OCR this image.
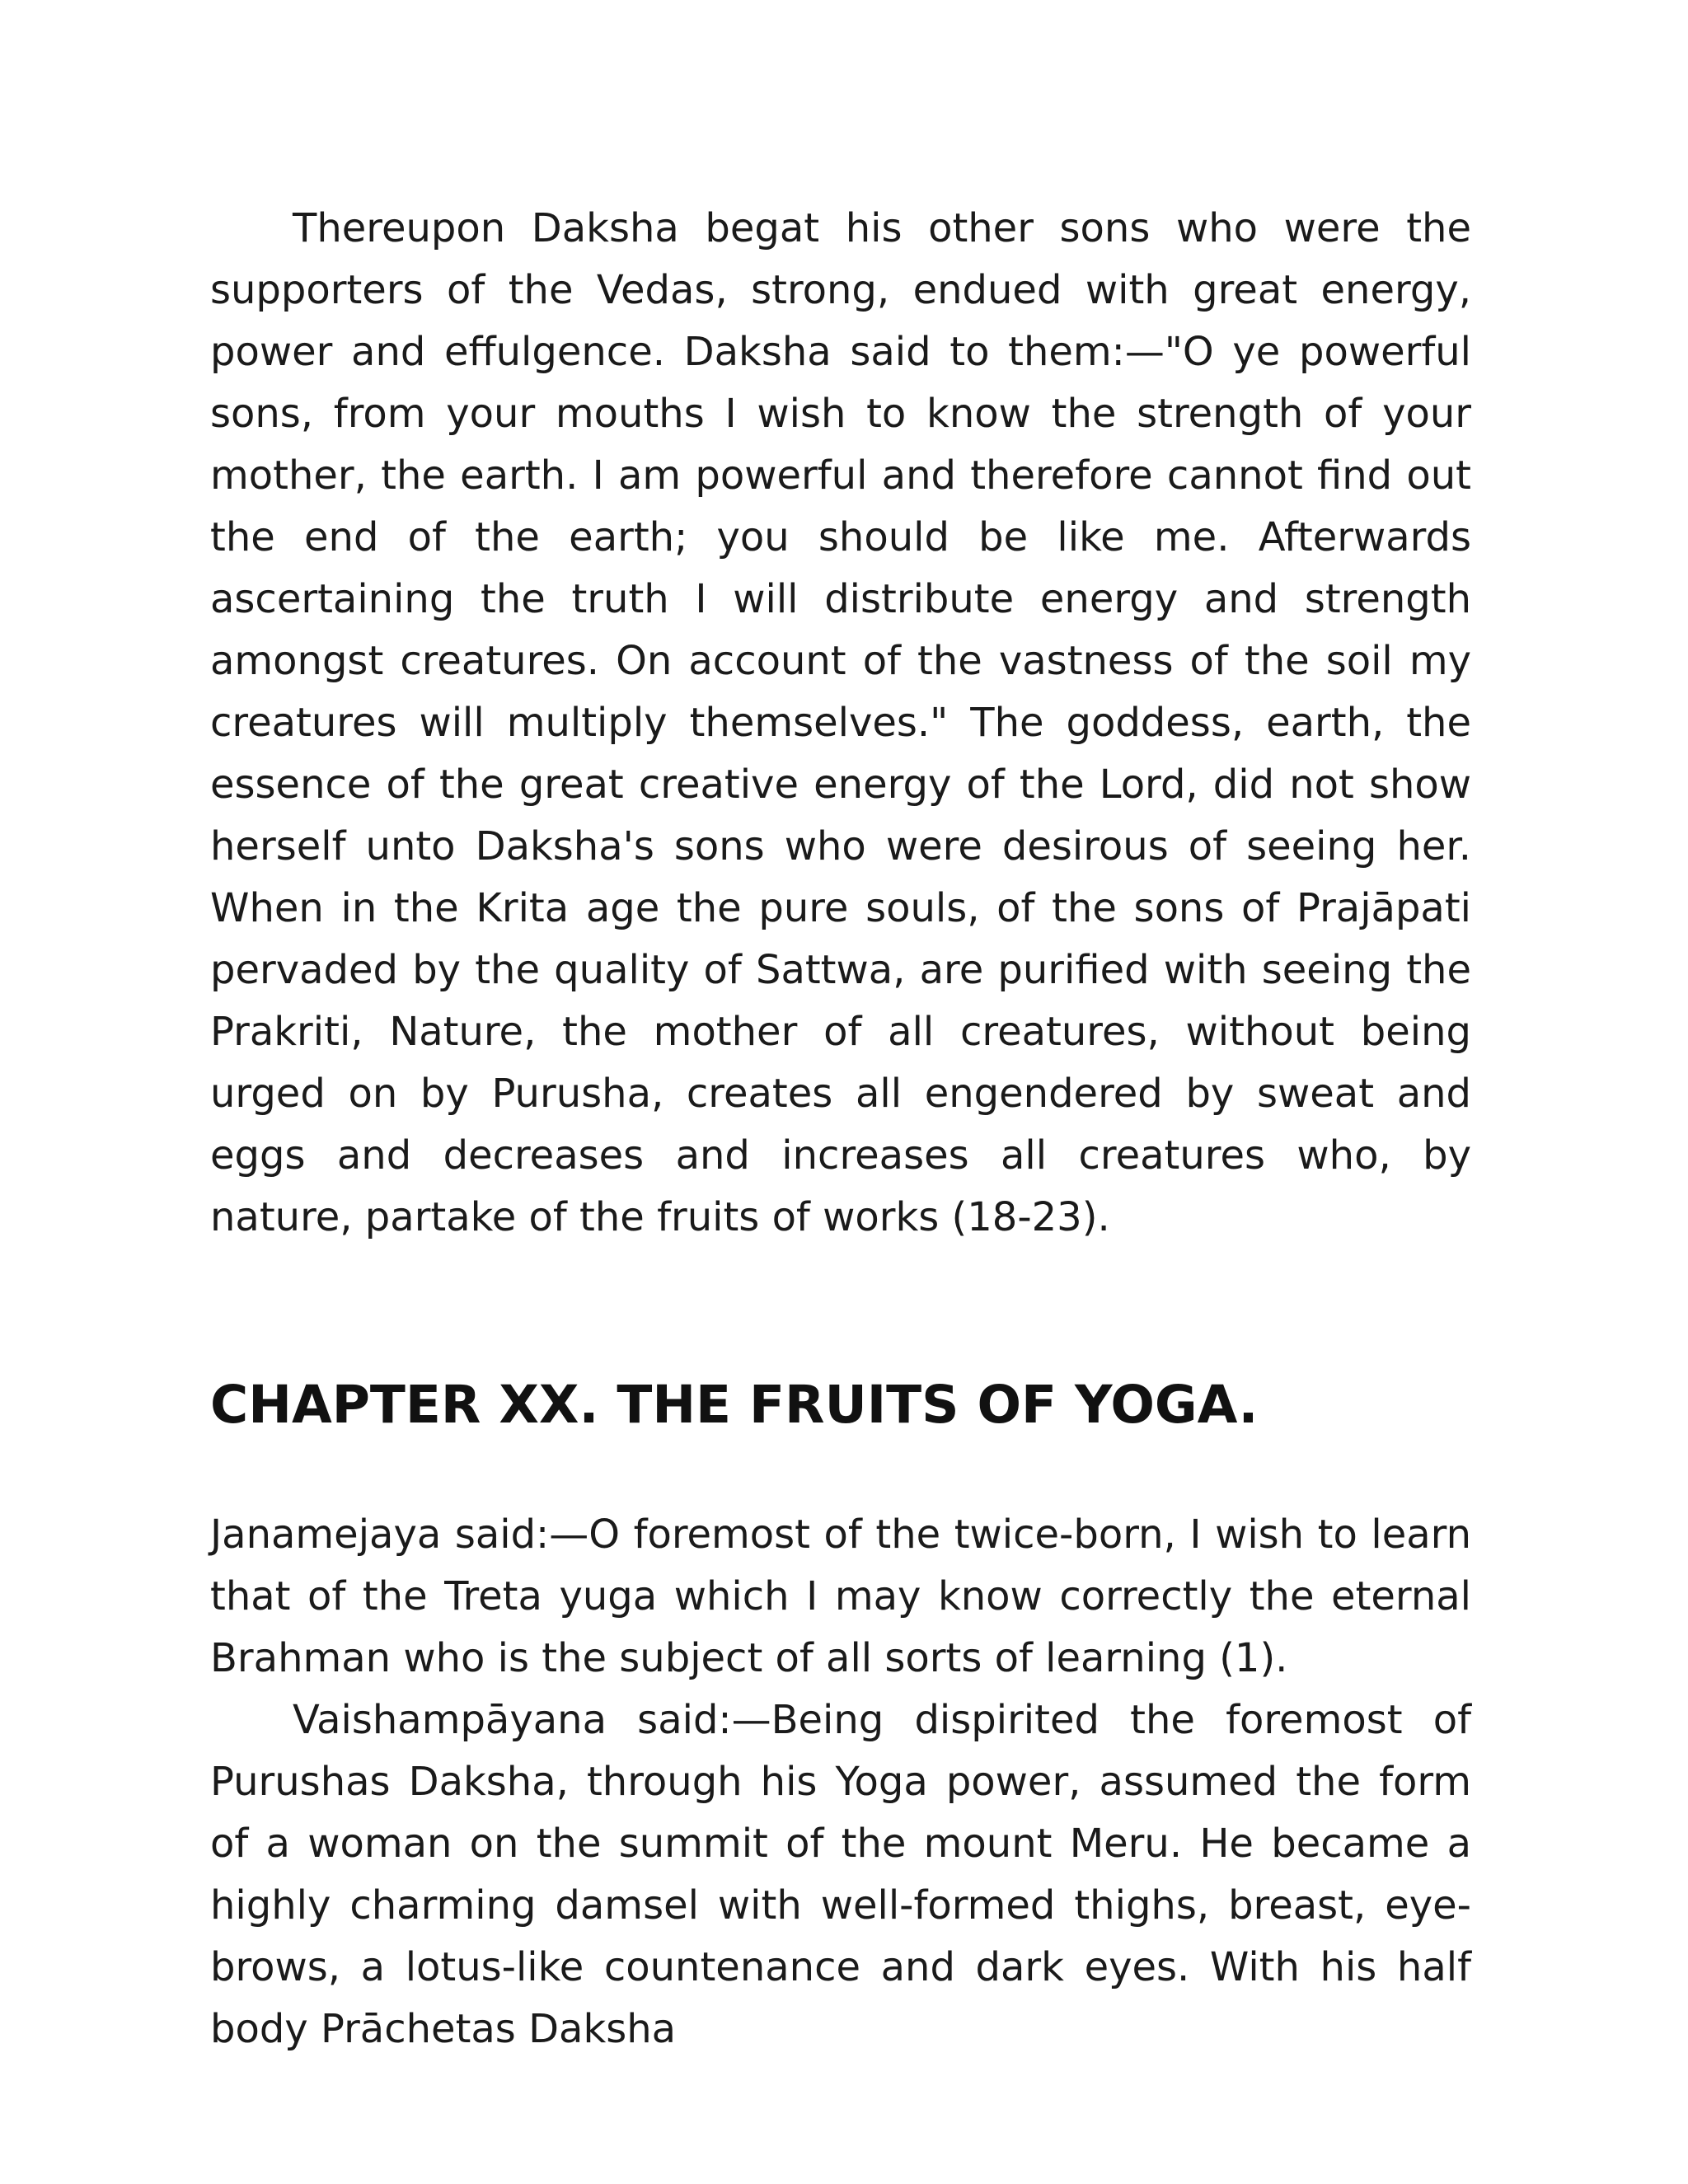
Thereupon Daksha begat his other sons who were the supporters of the Vedas, strong, endued with great energy, power and effulgence. Daksha said to them:—"O ye powerful sons, from your mouths I wish to know the strength of your mother, the earth. I am powerful and therefore cannot find out the end of the earth; you should be like me. Afterwards ascertaining the truth I will distribute energy and strength amongst creatures. On account of the vastness of the soil my creatures will multiply themselves." The goddess, earth, the essence of the great creative energy of the Lord, did not show herself unto Daksha's sons who were desirous of seeing her. When in the Krita age the pure souls, of the sons of Prajāpati pervaded by the quality of Sattwa, are purified with seeing the Prakriti, Nature, the mother of all creatures, without being urged on by Purusha, creates all engendered by sweat and eggs and decreases and increases all creatures who, by nature, partake of the fruits of works (18-23).

CHAPTER XX. THE FRUITS OF YOGA.

Janamejaya said:—O foremost of the twice-born, I wish to learn that of the Treta yuga which I may know correctly the eternal Brahman who is the subject of all sorts of learning (1).

Vaishampāyana said:—Being dispirited the foremost of Purushas Daksha, through his Yoga power, assumed the form of a woman on the summit of the mount Meru. He became a highly charming damsel with well-formed thighs, breast, eye-brows, a lotus-like countenance and dark eyes. With his half body Prāchetas Daksha
